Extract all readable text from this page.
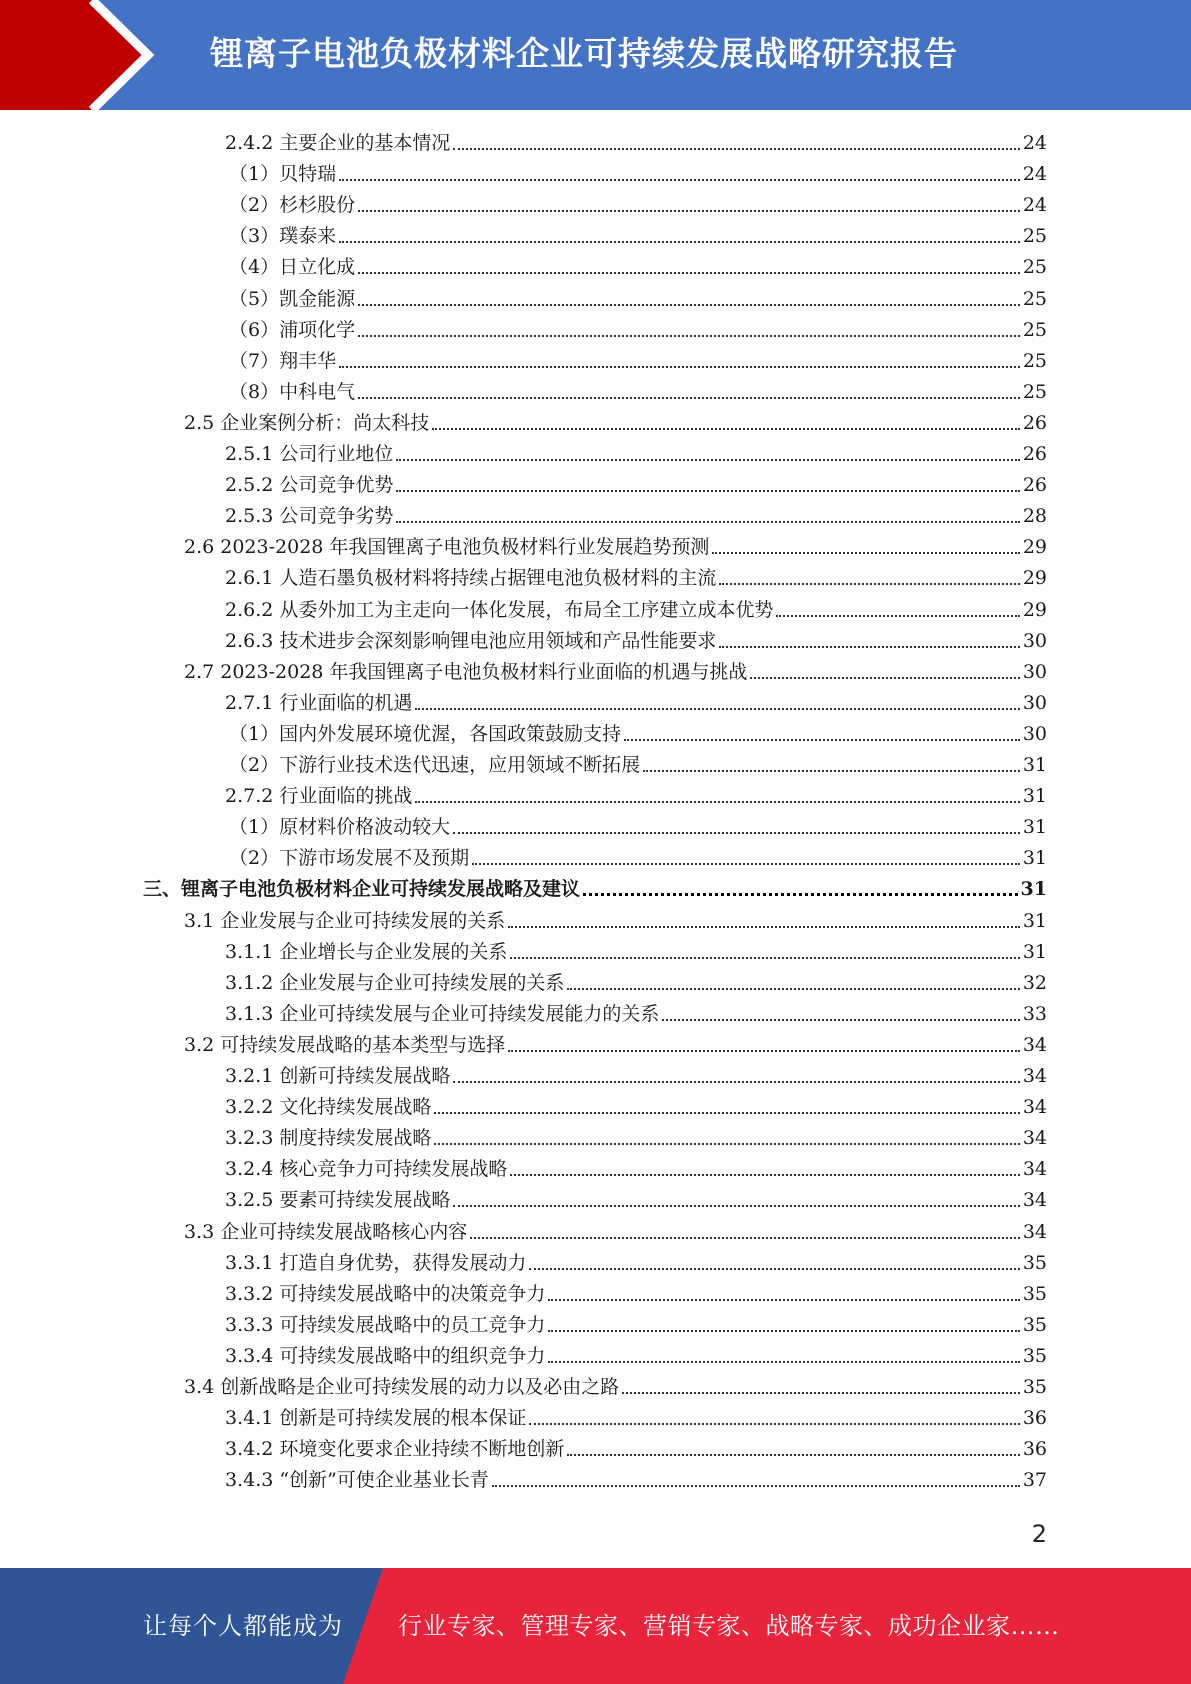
锂离子电池负极材料企业可持续发展战略研究报告
2.4.2 主要企业的基本情况	24
（1）贝特瑞	24
（2）杉杉股份	24
（3）璞泰来	25
（4）日立化成	25
（5）凯金能源	25
（6）浦项化学	25
（7）翔丰华	25
（8）中科电气	25
2.5 企业案例分析：尚太科技	26
2.5.1 公司行业地位	26
2.5.2 公司竞争优势	26
2.5.3 公司竞争劣势	28
2.6 2023-2028 年我国锂离子电池负极材料行业发展趋势预测	29
2.6.1 人造石墨负极材料将持续占据锂电池负极材料的主流	29
2.6.2 从委外加工为主走向一体化发展，布局全工序建立成本优势	29
2.6.3 技术进步会深刻影响锂电池应用领域和产品性能要求	30
2.7 2023-2028 年我国锂离子电池负极材料行业面临的机遇与挑战	30
2.7.1 行业面临的机遇	30
（1）国内外发展环境优渥，各国政策鼓励支持	30
（2）下游行业技术迭代迅速，应用领域不断拓展	31
2.7.2 行业面临的挑战	31
（1）原材料价格波动较大	31
（2）下游市场发展不及预期	31
三、锂离子电池负极材料企业可持续发展战略及建议	31
3.1 企业发展与企业可持续发展的关系	31
3.1.1 企业增长与企业发展的关系	31
3.1.2 企业发展与企业可持续发展的关系	32
3.1.3 企业可持续发展与企业可持续发展能力的关系	33
3.2 可持续发展战略的基本类型与选择	34
3.2.1 创新可持续发展战略	34
3.2.2 文化持续发展战略	34
3.2.3 制度持续发展战略	34
3.2.4 核心竞争力可持续发展战略	34
3.2.5 要素可持续发展战略	34
3.3 企业可持续发展战略核心内容	34
3.3.1 打造自身优势，获得发展动力	35
3.3.2 可持续发展战略中的决策竞争力	35
3.3.3 可持续发展战略中的员工竞争力	35
3.3.4 可持续发展战略中的组织竞争力	35
3.4 创新战略是企业可持续发展的动力以及必由之路	35
3.4.1 创新是可持续发展的根本保证	36
3.4.2 环境变化要求企业持续不断地创新	36
3.4.3 “创新”可使企业基业长青	37
2
让每个人都能成为 行业专家、管理专家、营销专家、战略专家、成功企业家……
